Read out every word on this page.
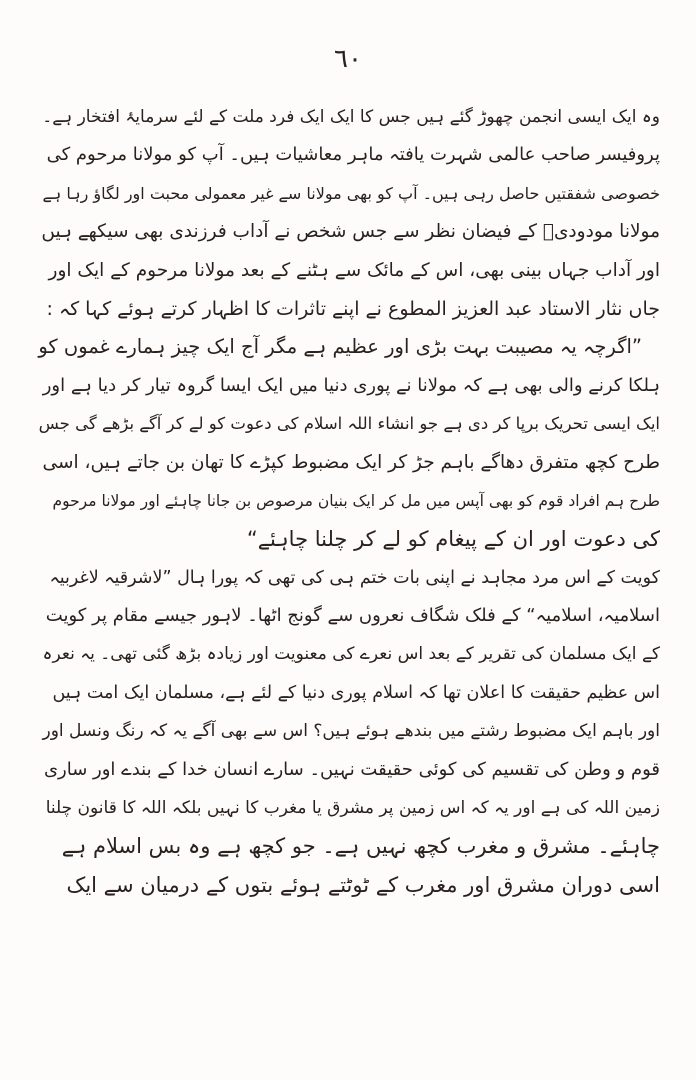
٦٠
وہ ایک ایسی انجمن چھوڑ گئے ہیں جس کا ایک ایک فرد ملت کے لئے سرمایۂ افتخار ہے۔
پروفیسر صاحب عالمی شہرت یافتہ ماہر معاشیات ہیں۔ آپ کو مولانا مرحوم کی
خصوصی شفقتیں حاصل رہی ہیں۔ آپ کو بھی مولانا سے غیر معمولی محبت اور لگاؤ رہا ہے
مولانا مودودیؒ کے فیضان نظر سے جس شخص نے آداب فرزندی بھی سیکھے ہیں
اور آداب جہاں بینی بھی، اس کے مائک سے ہٹنے کے بعد مولانا مرحوم کے ایک اور
جاں نثار الاستاد عبد العزیز المطوع نے اپنے تاثرات کا اظہار کرتے ہوئے کہا کہ :
”اگرچہ یہ مصیبت بہت بڑی اور عظیم ہے مگر آج ایک چیز ہمارے غموں کو
ہلکا کرنے والی بھی ہے کہ مولانا نے پوری دنیا میں ایک ایسا گروہ تیار کر دیا ہے اور
ایک ایسی تحریک برپا کر دی ہے جو انشاء اللہ اسلام کی دعوت کو لے کر آگے بڑھے گی جس
طرح کچھ متفرق دھاگے باہم جڑ کر ایک مضبوط کپڑے کا تھان بن جاتے ہیں، اسی
طرح ہم افراد قوم کو بھی آپس میں مل کر ایک بنیان مرصوص بن جانا چاہئے اور مولانا مرحوم
کی دعوت اور ان کے پیغام کو لے کر چلنا چاہئے“
کویت کے اس مرد مجاہد نے اپنی بات ختم ہی کی تھی کہ پورا ہال ”لاشرقیہ لاغربیہ
اسلامیہ، اسلامیہ“ کے فلک شگاف نعروں سے گونج اٹھا۔ لاہور جیسے مقام پر کویت
کے ایک مسلمان کی تقریر کے بعد اس نعرے کی معنویت اور زیادہ بڑھ گئی تھی۔ یہ نعرہ
اس عظیم حقیقت کا اعلان تھا کہ اسلام پوری دنیا کے لئے ہے، مسلمان ایک امت ہیں
اور باہم ایک مضبوط رشتے میں بندھے ہوئے ہیں؟ اس سے بھی آگے یہ کہ رنگ ونسل اور
قوم و وطن کی تقسیم کی کوئی حقیقت نہیں۔ سارے انسان خدا کے بندے اور ساری
زمین اللہ کی ہے اور یہ کہ اس زمین پر مشرق یا مغرب کا نہیں بلکہ اللہ کا قانون چلنا
چاہئے۔ مشرق و مغرب کچھ نہیں ہے۔ جو کچھ ہے وہ بس اسلام ہے
اسی دوران مشرق اور مغرب کے ٹوٹتے ہوئے بتوں کے درمیان سے ایک
